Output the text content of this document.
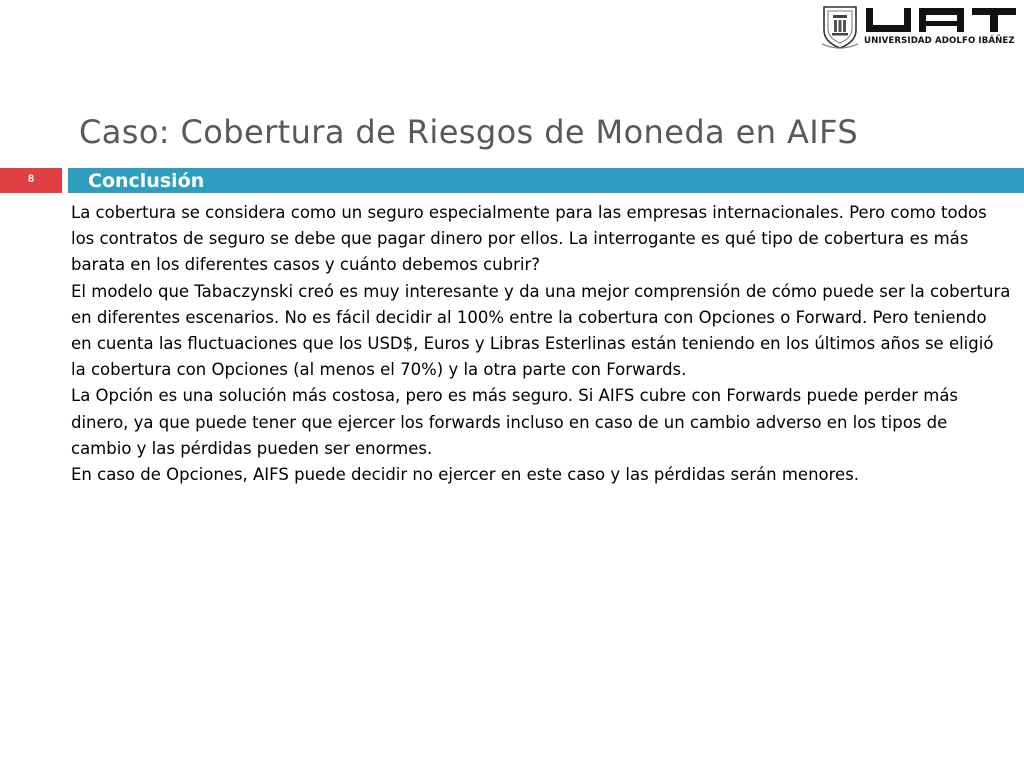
UNIVERSIDAD ADOLFO IBÁÑEZ
Caso: Cobertura de Riesgos de Moneda en AIFS
8	Conclusión

La cobertura se considera como un seguro especialmente para las empresas internacionales. Pero como todos los contratos de seguro se debe que pagar dinero por ellos. La interrogante es qué tipo de cobertura es más barata en los diferentes casos y cuánto debemos cubrir?

El modelo que Tabaczynski creó es muy interesante y da una mejor comprensión de cómo puede ser la cobertura en diferentes escenarios. No es fácil decidir al 100% entre la cobertura con Opciones o Forward. Pero teniendo en cuenta las fluctuaciones que los USD$, Euros y Libras Esterlinas están teniendo en los últimos años se eligió la cobertura con Opciones (al menos el 70%) y la otra parte con Forwards.

La Opción es una solución más costosa, pero es más seguro. Si AIFS cubre con Forwards puede perder más dinero, ya que puede tener que ejercer los forwards incluso en caso de un cambio adverso en los tipos de cambio y las pérdidas pueden ser enormes.

En caso de Opciones, AIFS puede decidir no ejercer en este caso y las pérdidas serán menores.
